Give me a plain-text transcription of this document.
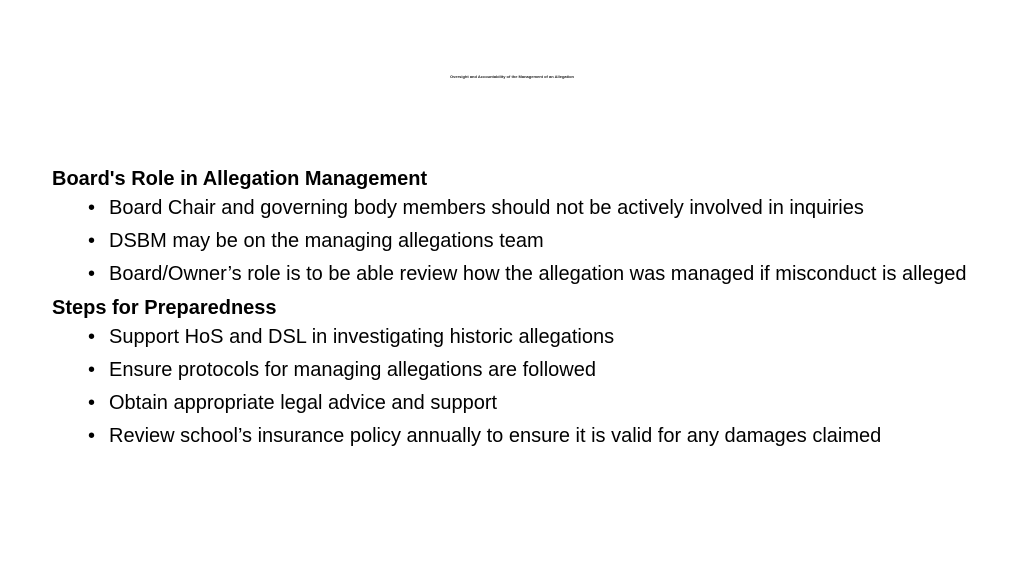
Oversight and Accountability of the Management of an Allegation

Board's Role in Allegation Management

• Board Chair and governing body members should not be actively involved in inquiries
• DSBM may be on the managing allegations team
• Board/Owner’s role is to be able review how the allegation was managed if misconduct is alleged

Steps for Preparedness

• Support HoS and DSL in investigating historic allegations
• Ensure protocols for managing allegations are followed
• Obtain appropriate legal advice and support
• Review school’s insurance policy annually to ensure it is valid for any damages claimed
